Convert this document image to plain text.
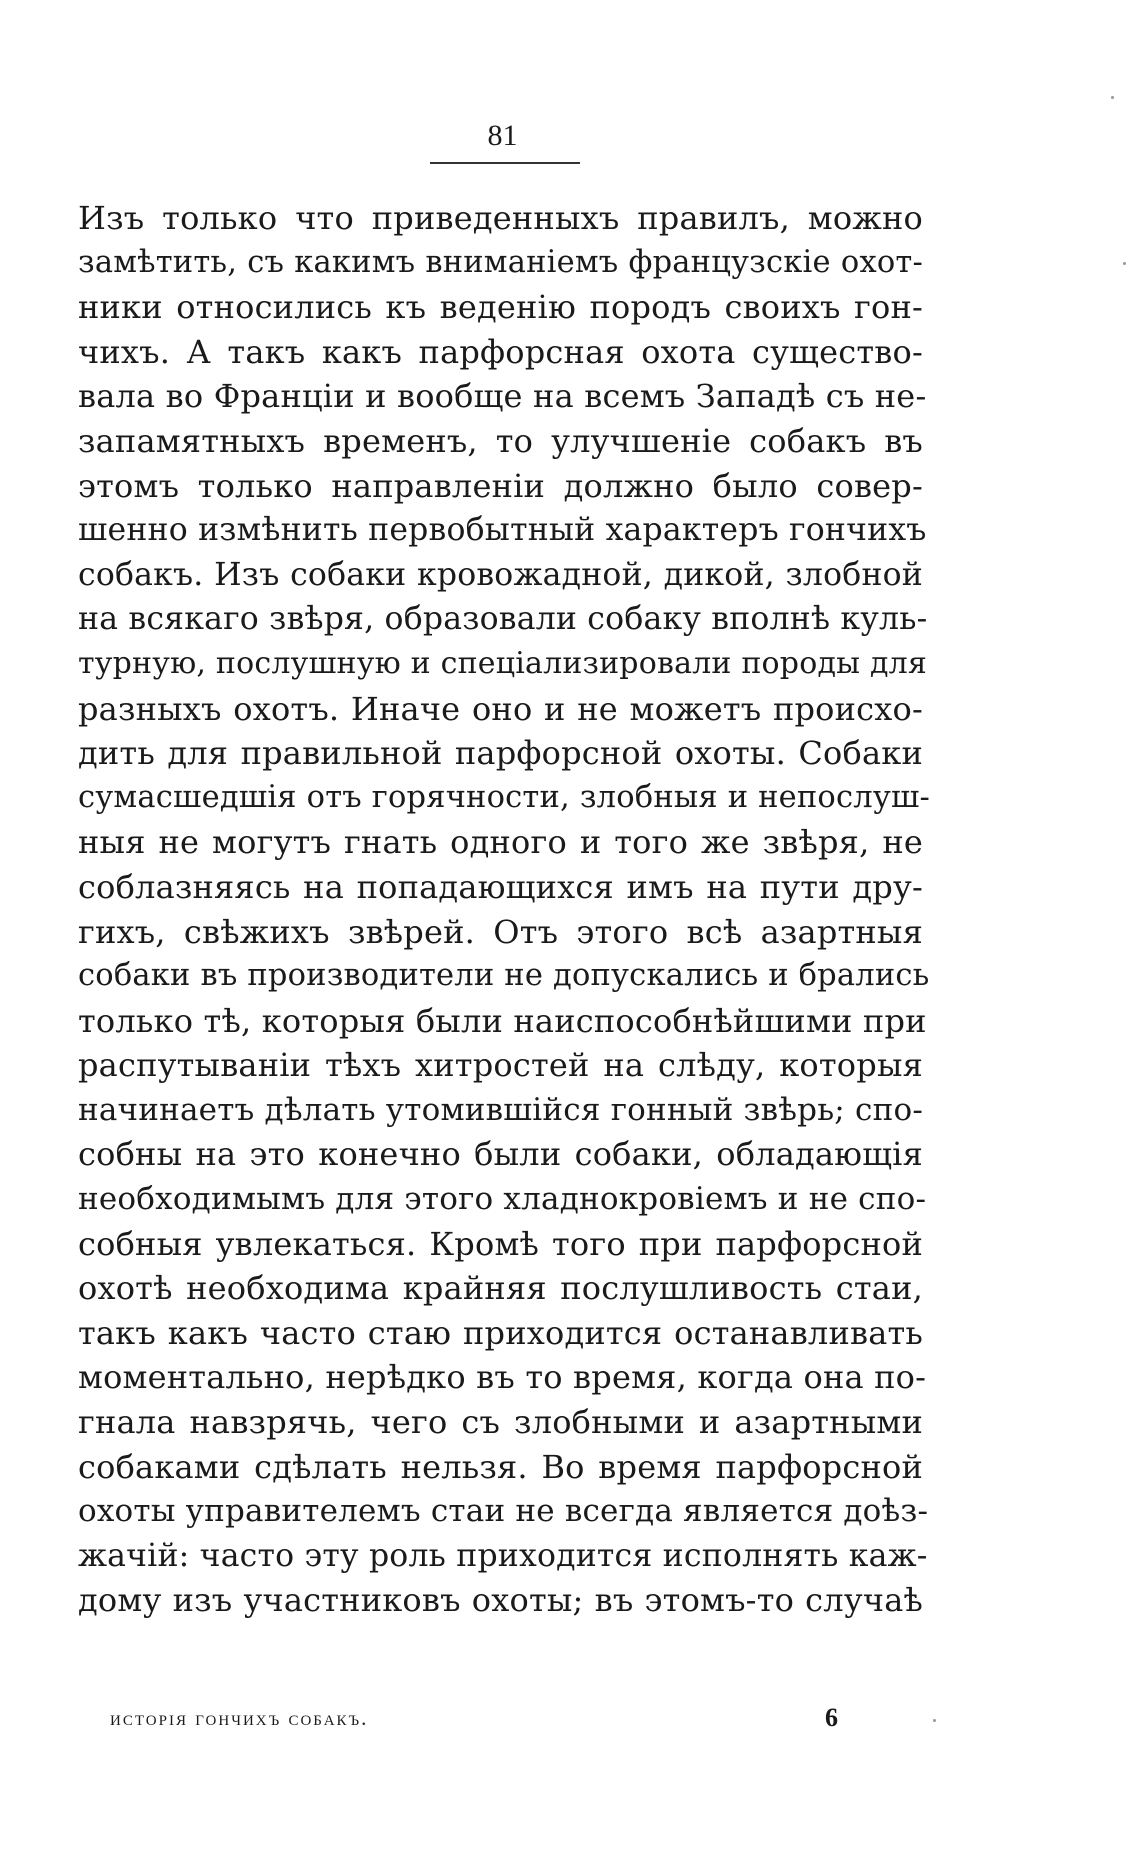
81
Изъ только что приведенныхъ правилъ, можно
замѣтить, съ какимъ вниманіемъ французскіе охот-
ники относились къ веденію породъ своихъ гон-
чихъ. А такъ какъ парфорсная охота существо-
вала во Франціи и вообще на всемъ Западѣ съ не-
запамятныхъ временъ, то улучшеніе собакъ въ
этомъ только направленіи должно было совер-
шенно измѣнить первобытный характеръ гончихъ
собакъ. Изъ собаки кровожадной, дикой, злобной
на всякаго звѣря, образовали собаку вполнѣ куль-
турную, послушную и спеціализировали породы для
разныхъ охотъ. Иначе оно и не можетъ происхо-
дить для правильной парфорсной охоты. Собаки
сумасшедшія отъ горячности, злобныя и непослуш-
ныя не могутъ гнать одного и того же звѣря, не
соблазняясь на попадающихся имъ на пути дру-
гихъ, свѣжихъ звѣрей. Отъ этого всѣ азартныя
собаки въ производители не допускались и брались
только тѣ, которыя были наиспособнѣйшими при
распутываніи тѣхъ хитростей на слѣду, которыя
начинаетъ дѣлать утомившійся гонный звѣрь; спо-
собны на это конечно были собаки, обладающія
необходимымъ для этого хладнокровіемъ и не спо-
собныя увлекаться. Кромѣ того при парфорсной
охотѣ необходима крайняя послушливость стаи,
такъ какъ часто стаю приходится останавливать
моментально, нерѣдко въ то время, когда она по-
гнала навзрячь, чего съ злобными и азартными
собаками сдѣлать нельзя. Во время парфорсной
охоты управителемъ стаи не всегда является доѣз-
жачій: часто эту роль приходится исполнять каж-
дому изъ участниковъ охоты; въ этомъ-то случаѣ
исторія гончихъ собакъ.	6
